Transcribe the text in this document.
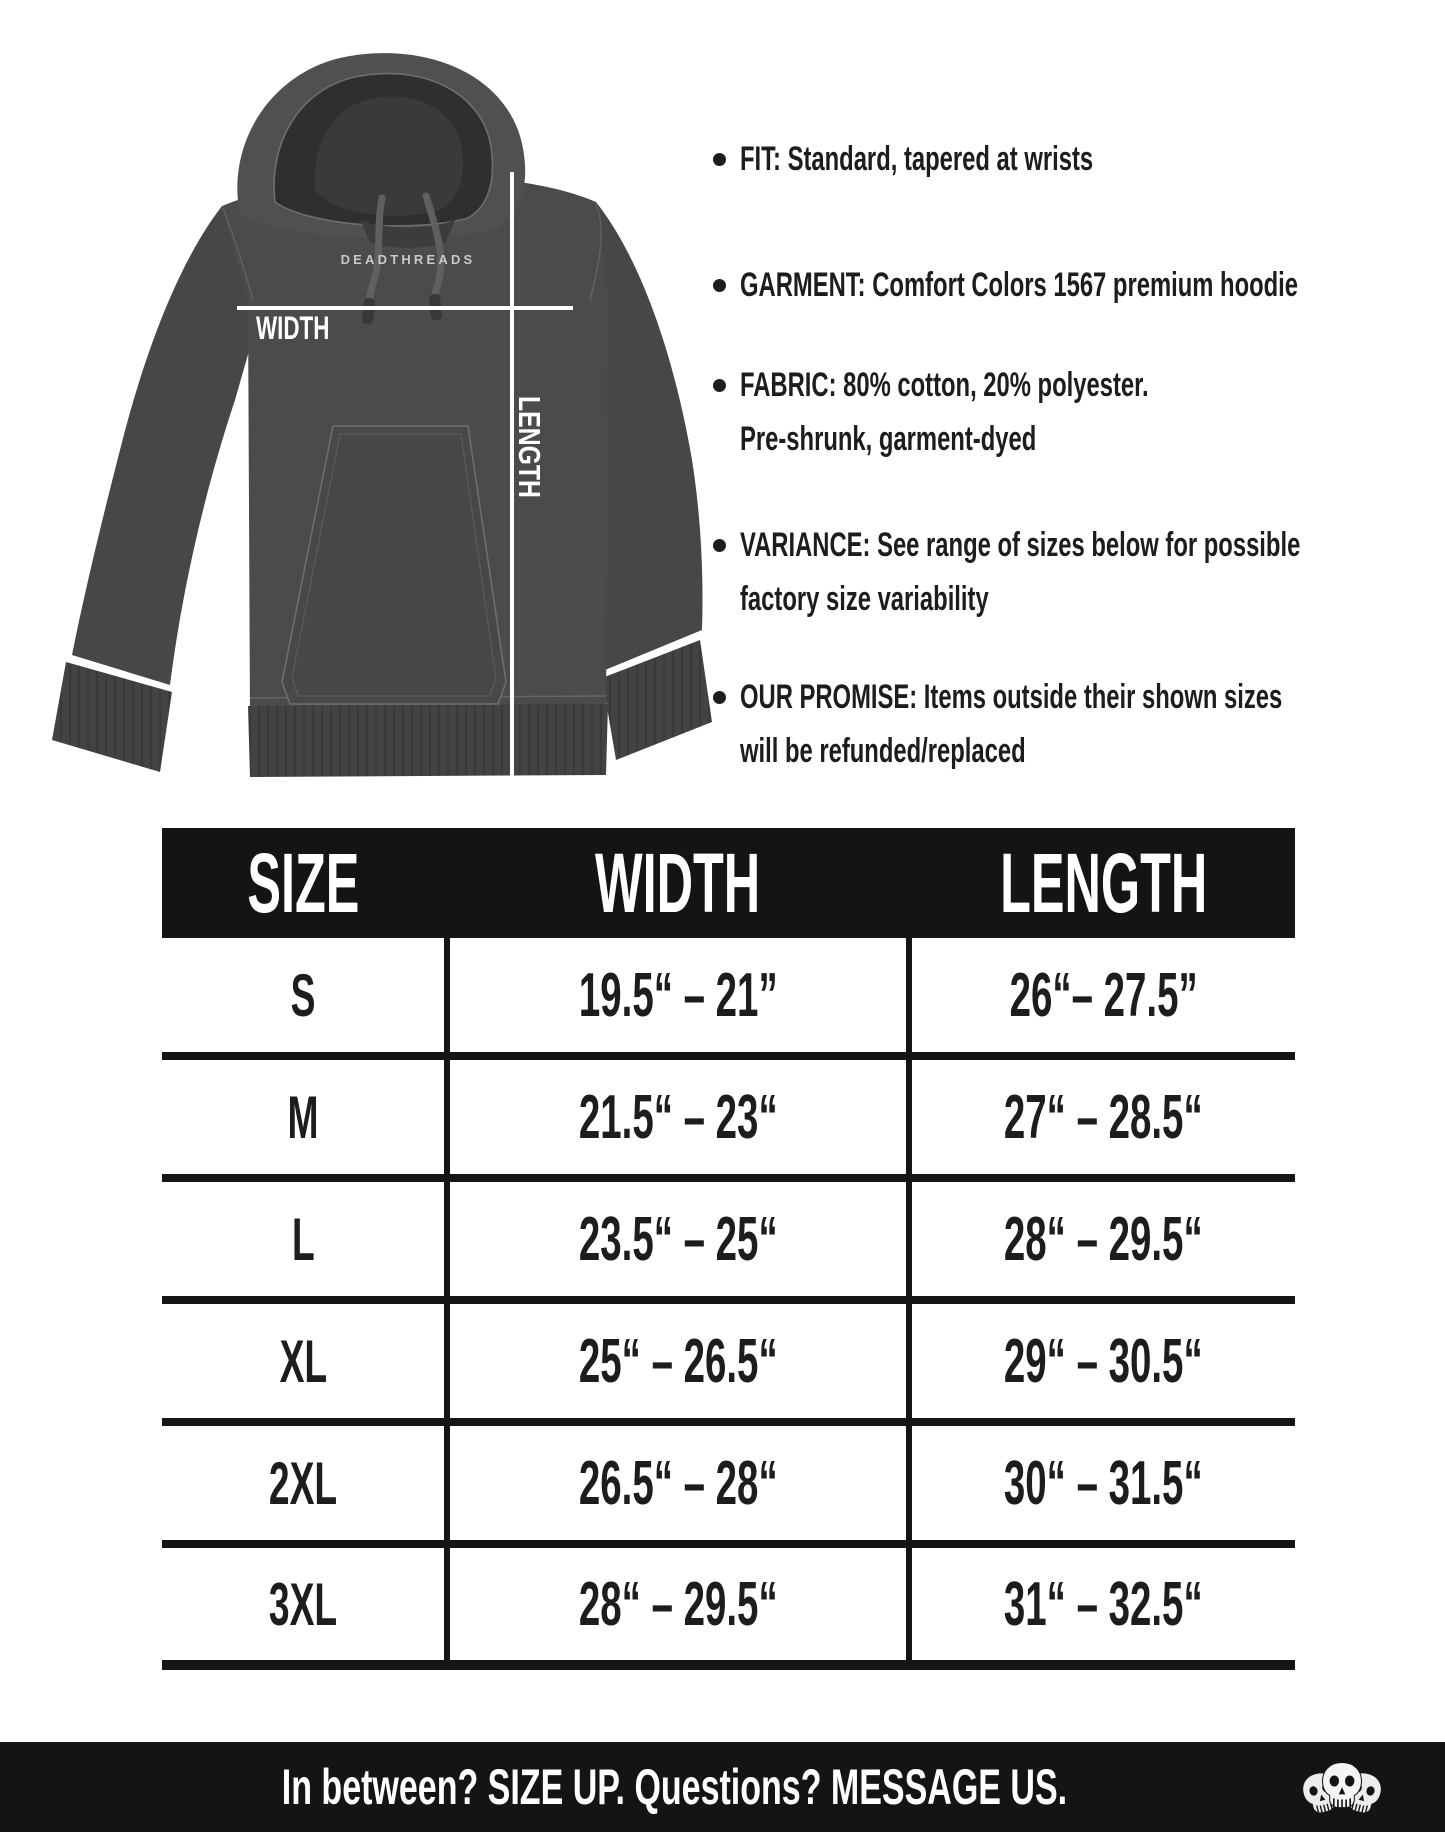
DEADTHREADS
WIDTH
LENGTH
FIT: Standard, tapered at wrists
GARMENT: Comfort Colors 1567 premium hoodie
FABRIC: 80% cotton, 20% polyester.
Pre-shrunk, garment-dyed
VARIANCE: See range of sizes below for possible
factory size variability
OUR PROMISE: Items outside their shown sizes
will be refunded/replaced
SIZE	WIDTH	LENGTH
S	19.5“ – 21”	26“– 27.5”
M	21.5“ – 23“	27“ – 28.5“
L	23.5“ – 25“	28“ – 29.5“
XL	25“ – 26.5“	29“ – 30.5“
2XL	26.5“ – 28“	30“ – 31.5“
3XL	28“ – 29.5“	31“ – 32.5“
In between? SIZE UP. Questions? MESSAGE US.
